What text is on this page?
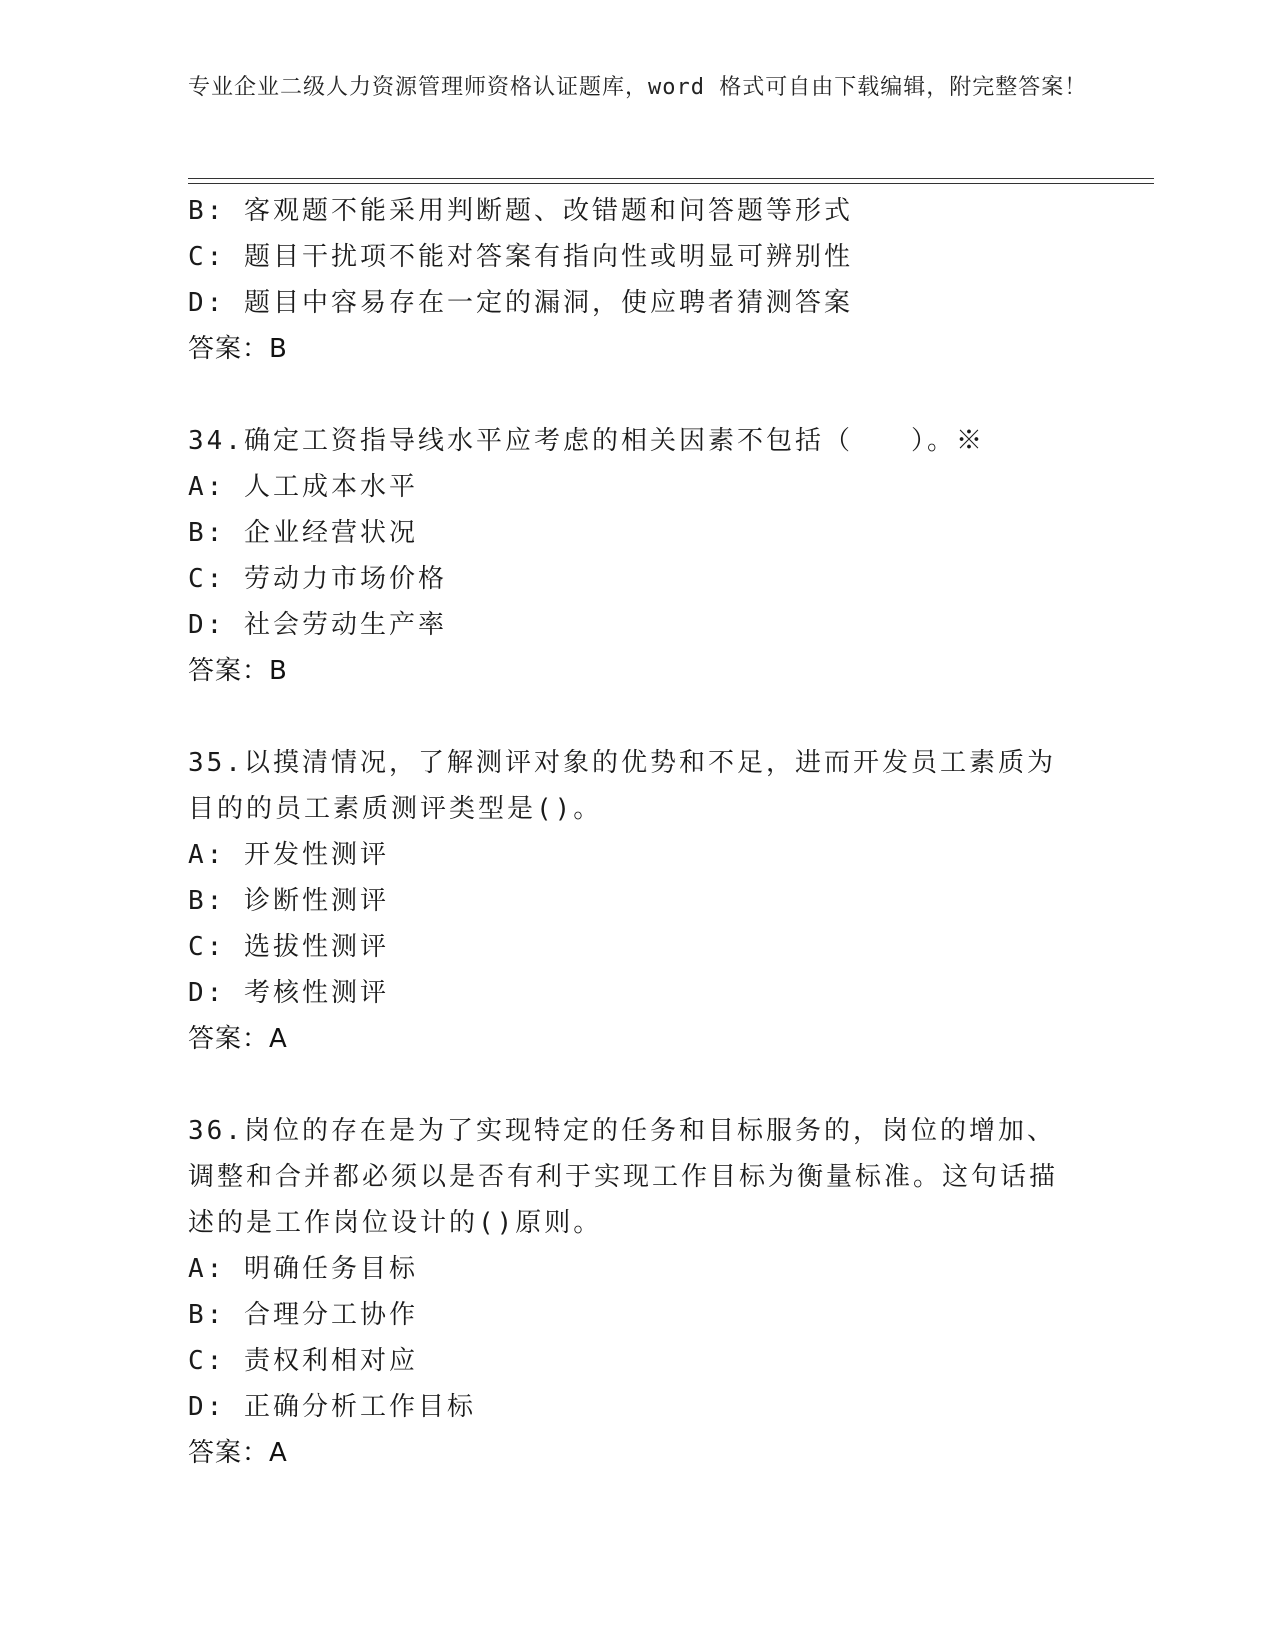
专业企业二级人力资源管理师资格认证题库，word 格式可自由下载编辑，附完整答案！
B: 客观题不能采用判断题、改错题和问答题等形式
C: 题目干扰项不能对答案有指向性或明显可辨别性
D: 题目中容易存在一定的漏洞，使应聘者猜测答案
答案：B
34.确定工资指导线水平应考虑的相关因素不包括（　　）。※
A: 人工成本水平
B: 企业经营状况
C: 劳动力市场价格
D: 社会劳动生产率
答案：B
35.以摸清情况，了解测评对象的优势和不足，进而开发员工素质为目的的员工素质测评类型是()。
A: 开发性测评
B: 诊断性测评
C: 选拔性测评
D: 考核性测评
答案：A
36.岗位的存在是为了实现特定的任务和目标服务的，岗位的增加、调整和合并都必须以是否有利于实现工作目标为衡量标准。这句话描述的是工作岗位设计的()原则。
A: 明确任务目标
B: 合理分工协作
C: 责权利相对应
D: 正确分析工作目标
答案：A
